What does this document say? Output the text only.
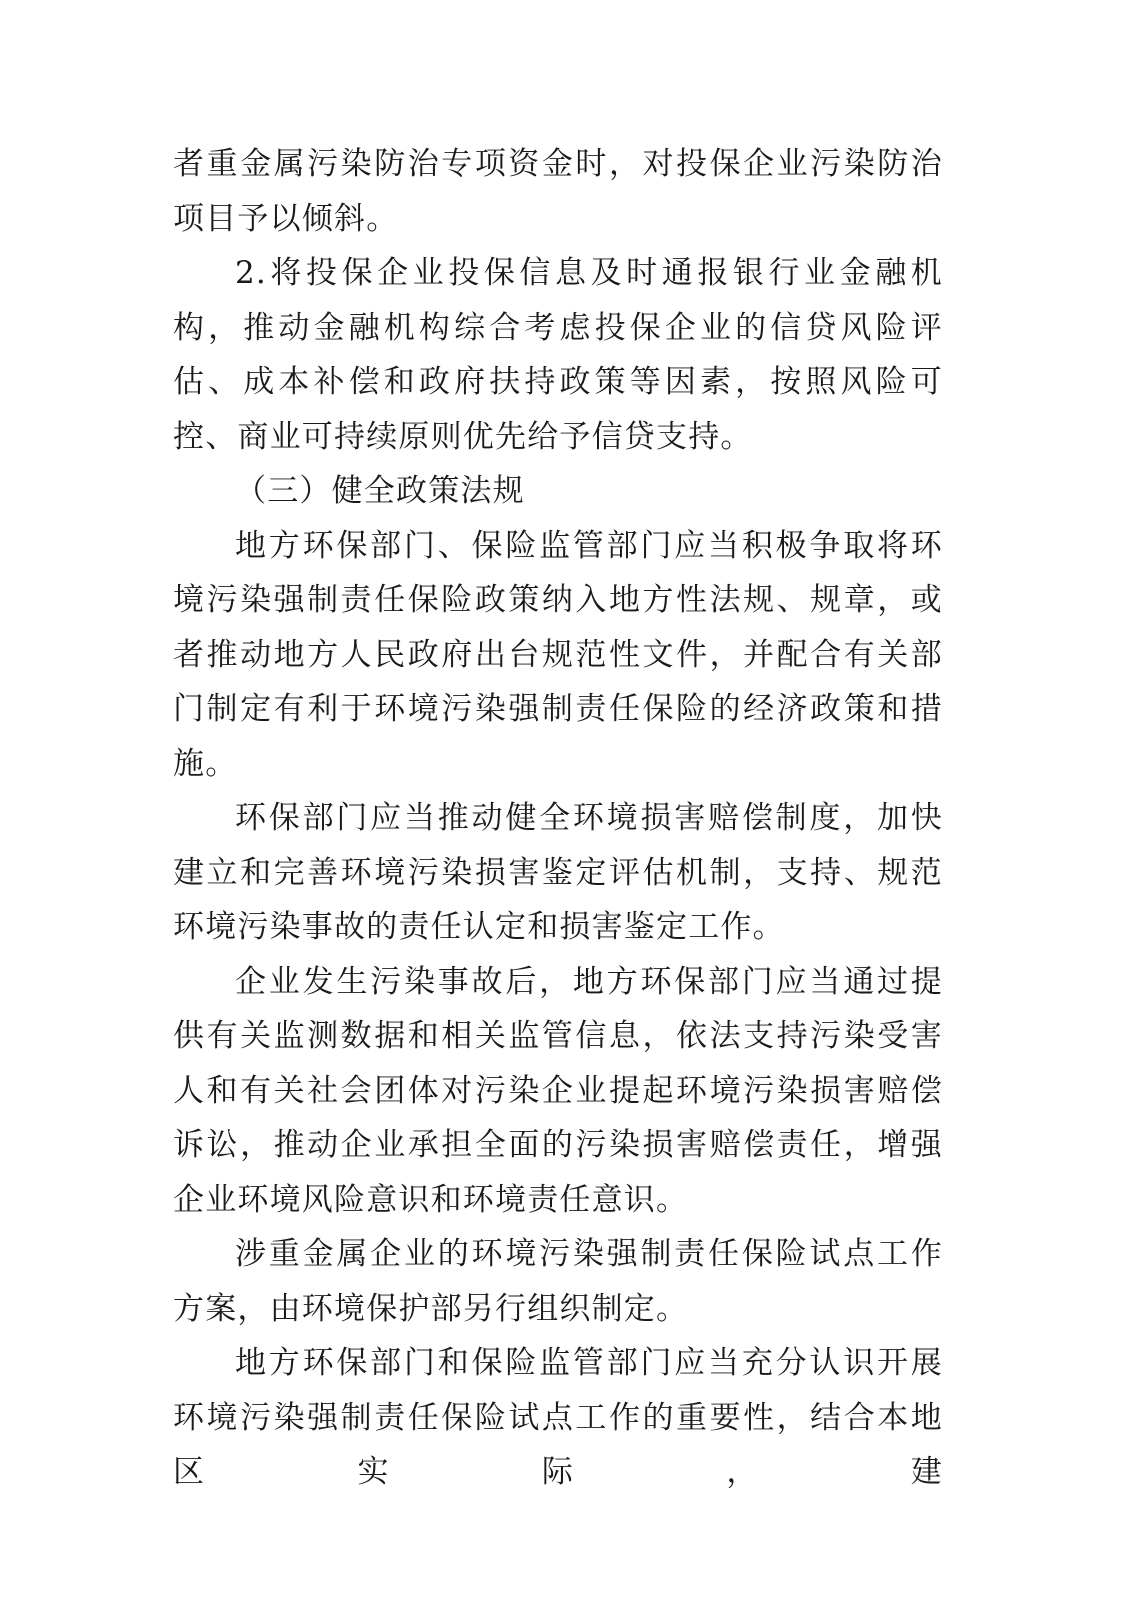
者重金属污染防治专项资金时，对投保企业污染防治项目予以倾斜。

2.将投保企业投保信息及时通报银行业金融机构，推动金融机构综合考虑投保企业的信贷风险评估、成本补偿和政府扶持政策等因素，按照风险可控、商业可持续原则优先给予信贷支持。

（三）健全政策法规

地方环保部门、保险监管部门应当积极争取将环境污染强制责任保险政策纳入地方性法规、规章，或者推动地方人民政府出台规范性文件，并配合有关部门制定有利于环境污染强制责任保险的经济政策和措施。

环保部门应当推动健全环境损害赔偿制度，加快建立和完善环境污染损害鉴定评估机制，支持、规范环境污染事故的责任认定和损害鉴定工作。

企业发生污染事故后，地方环保部门应当通过提供有关监测数据和相关监管信息，依法支持污染受害人和有关社会团体对污染企业提起环境污染损害赔偿诉讼，推动企业承担全面的污染损害赔偿责任，增强企业环境风险意识和环境责任意识。

涉重金属企业的环境污染强制责任保险试点工作方案，由环境保护部另行组织制定。

地方环保部门和保险监管部门应当充分认识开展环境污染强制责任保险试点工作的重要性，结合本地区实际，建
